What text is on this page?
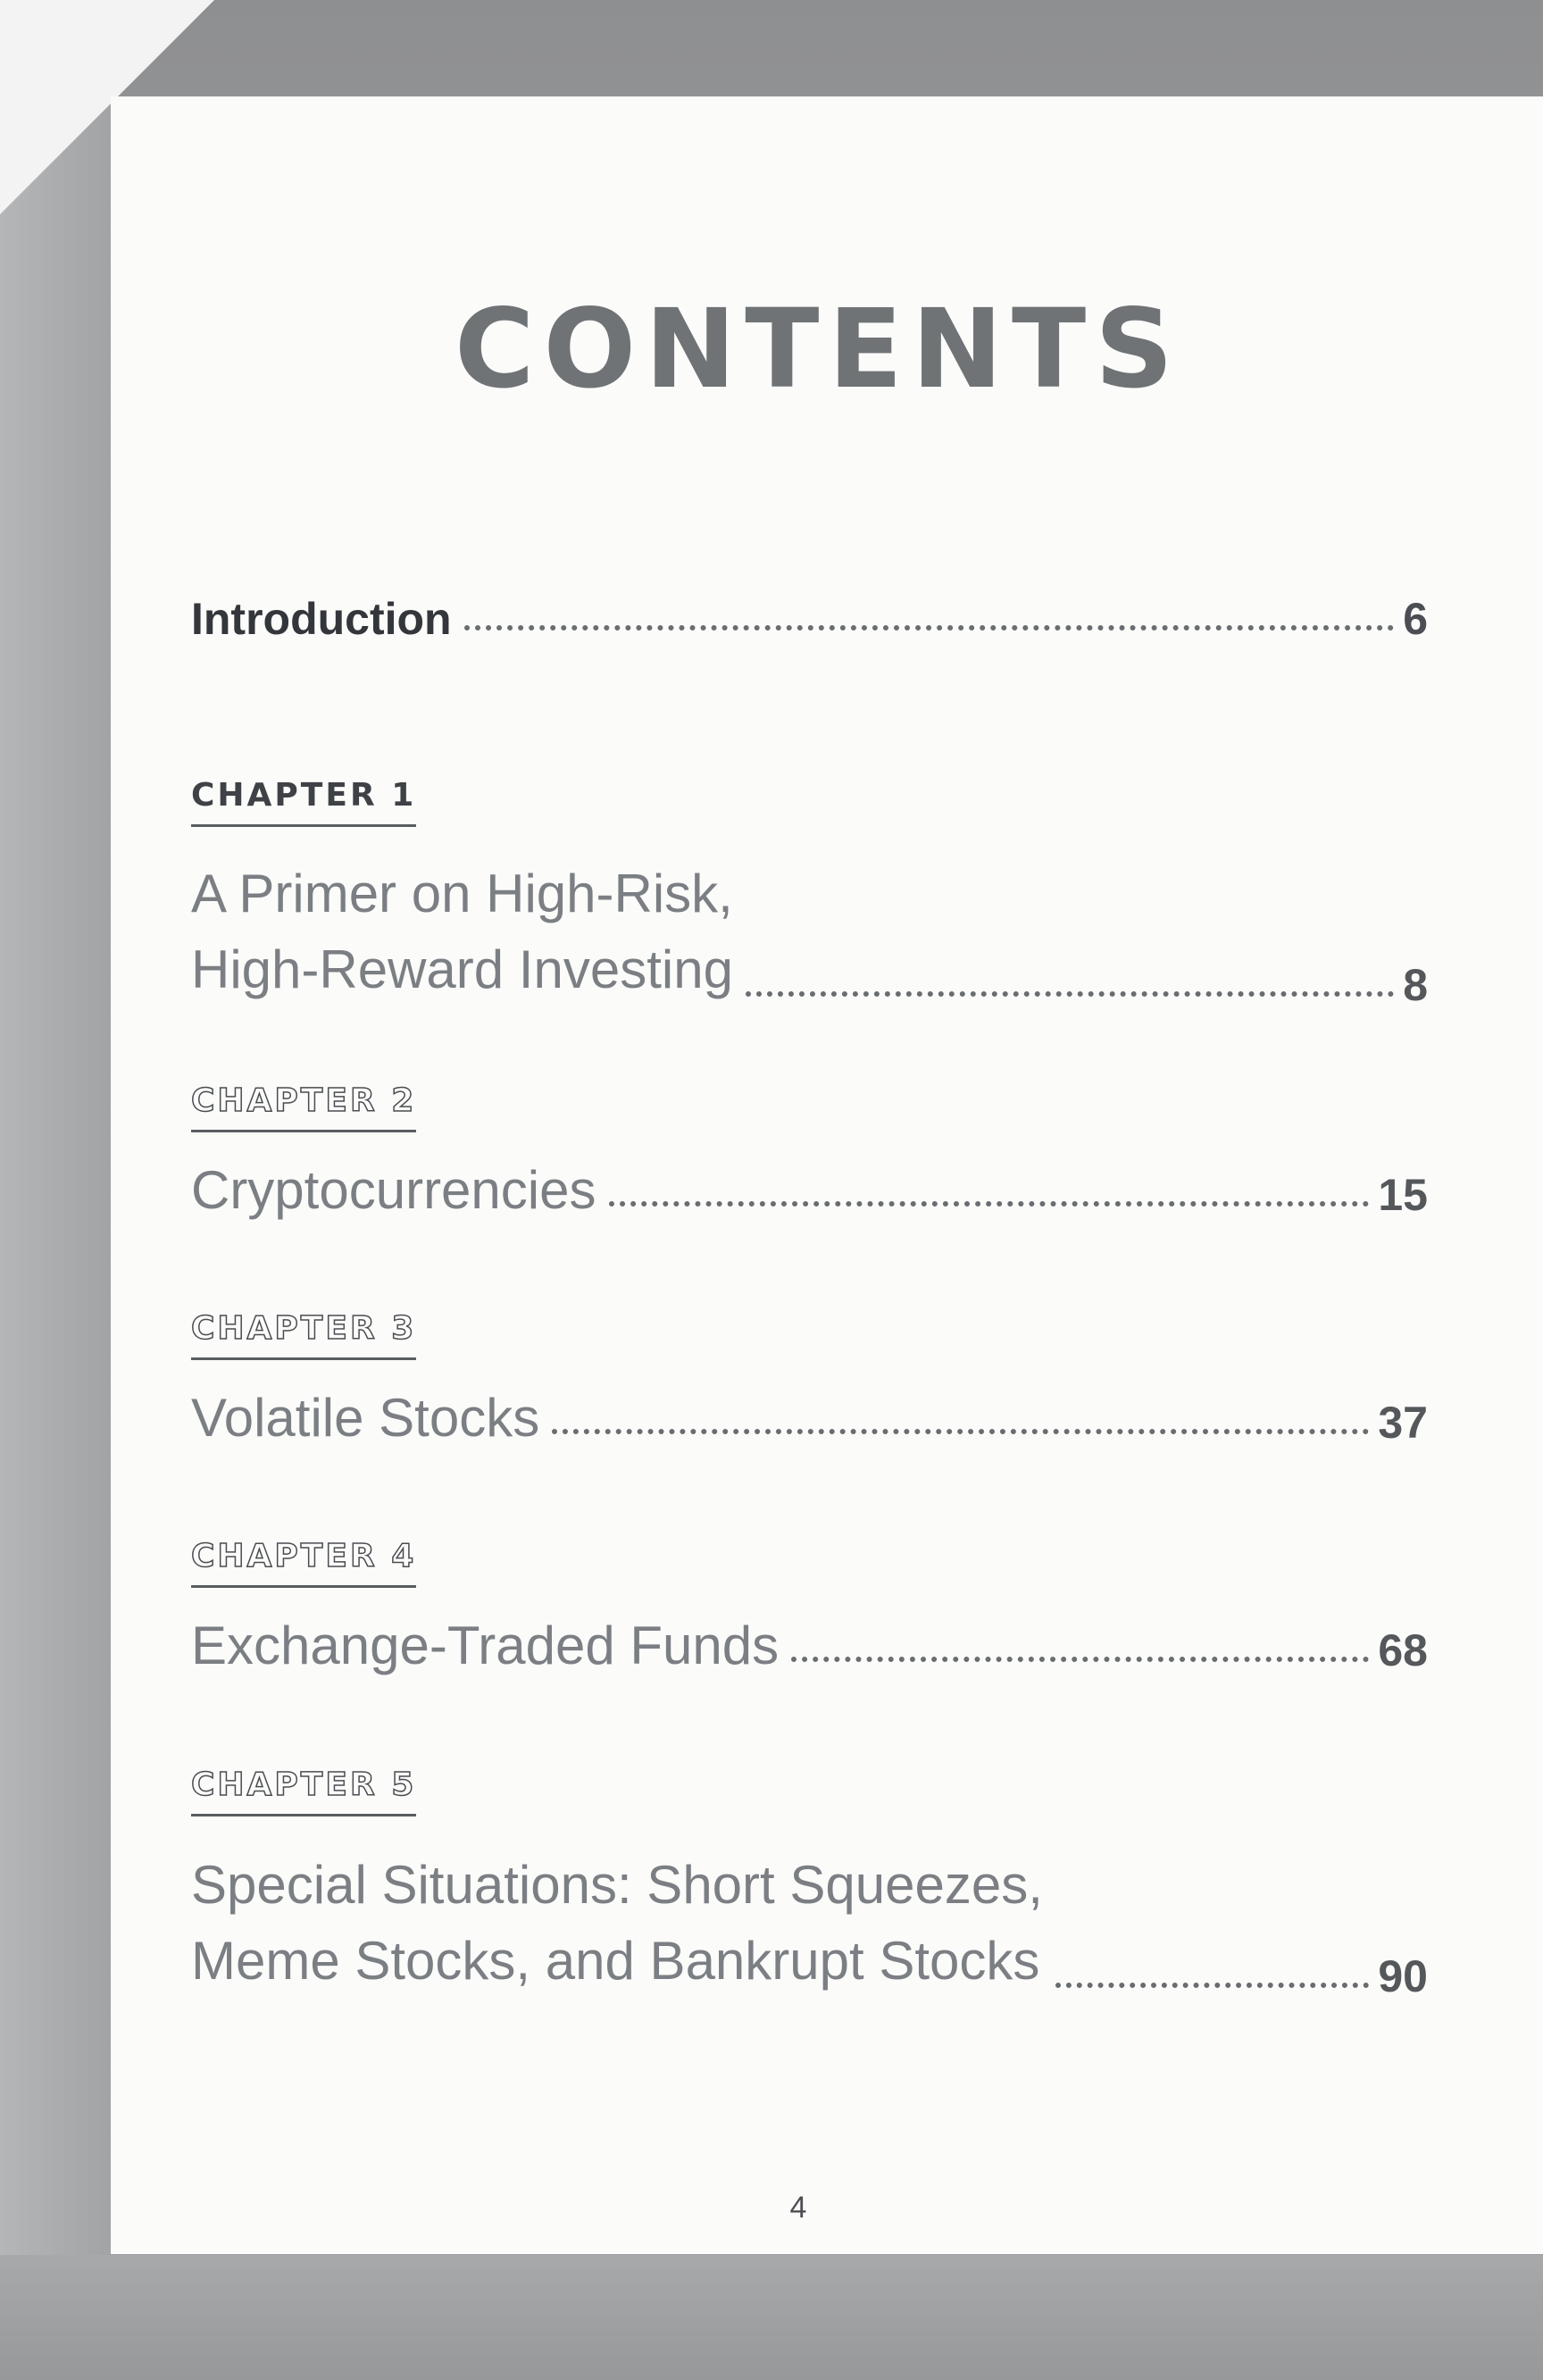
CONTENTS
Introduction	6
CHAPTER 1
A Primer on High-Risk,
High-Reward Investing	8
CHAPTER 2
Cryptocurrencies	15
CHAPTER 3
Volatile Stocks	37
CHAPTER 4
Exchange-Traded Funds	68
CHAPTER 5
Special Situations: Short Squeezes,
Meme Stocks, and Bankrupt Stocks	90
4
